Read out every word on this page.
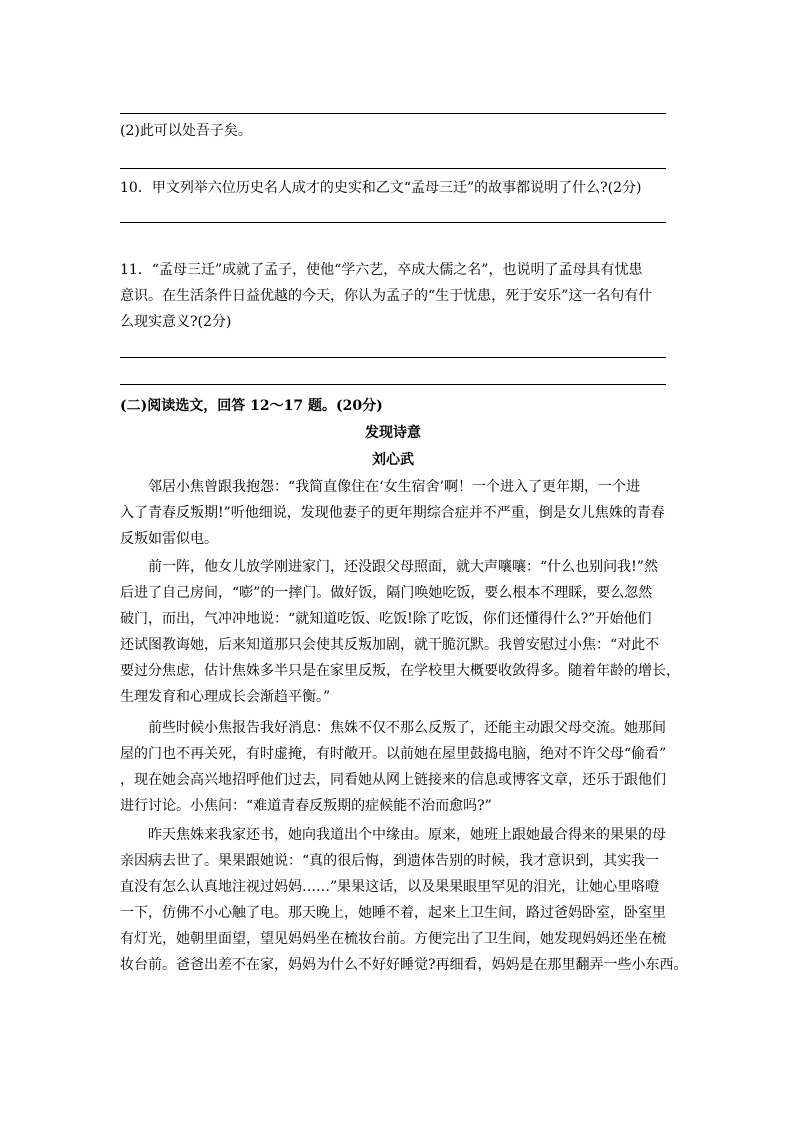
(2)此可以处吾子矣。
10．甲文列举六位历史名人成才的史实和乙文“孟母三迁”的故事都说明了什么?(2分)
11．“孟母三迁”成就了孟子，使他“学六艺，卒成大儒之名”，也说明了孟母具有忧患
意识。在生活条件日益优越的今天，你认为孟子的“生于忧患，死于安乐”这一名句有什
么现实意义?(2分)
(二)阅读选文，回答 12～17 题。(20分)
发现诗意
刘心武
邻居小焦曾跟我抱怨：“我简直像住在‘女生宿舍’啊！一个进入了更年期，一个进
入了青春反叛期!”听他细说，发现他妻子的更年期综合症并不严重，倒是女儿焦姝的青春
反叛如雷似电。
前一阵，他女儿放学刚进家门，还没跟父母照面，就大声嚷嚷：“什么也别问我!”然
后进了自己房间，“嘭”的一摔门。做好饭，隔门唤她吃饭，要么根本不理睬，要么忽然
破门，而出，气冲冲地说：“就知道吃饭、吃饭!除了吃饭，你们还懂得什么?”开始他们
还试图教诲她，后来知道那只会使其反叛加剧，就干脆沉默。我曾安慰过小焦：“对此不
要过分焦虑，估计焦姝多半只是在家里反叛，在学校里大概要收敛得多。随着年龄的增长，
生理发育和心理成长会渐趋平衡。”
前些时候小焦报告我好消息：焦姝不仅不那么反叛了，还能主动跟父母交流。她那间
屋的门也不再关死，有时虚掩，有时敞开。以前她在屋里鼓捣电脑，绝对不许父母“偷看”
，现在她会高兴地招呼他们过去，同看她从网上链接来的信息或博客文章，还乐于跟他们
进行讨论。小焦问：“难道青春反叛期的症候能不治而愈吗?”
昨天焦姝来我家还书，她向我道出个中缘由。原来，她班上跟她最合得来的果果的母
亲因病去世了。果果跟她说：“真的很后悔，到遗体告别的时候，我才意识到，其实我一
直没有怎么认真地注视过妈妈……”果果这话，以及果果眼里罕见的泪光，让她心里咯噔
一下，仿佛不小心触了电。那天晚上，她睡不着，起来上卫生间，路过爸妈卧室，卧室里
有灯光，她朝里面望，望见妈妈坐在梳妆台前。方便完出了卫生间，她发现妈妈还坐在梳
妆台前。爸爸出差不在家，妈妈为什么不好好睡觉?再细看，妈妈是在那里翻弄一些小东西。
